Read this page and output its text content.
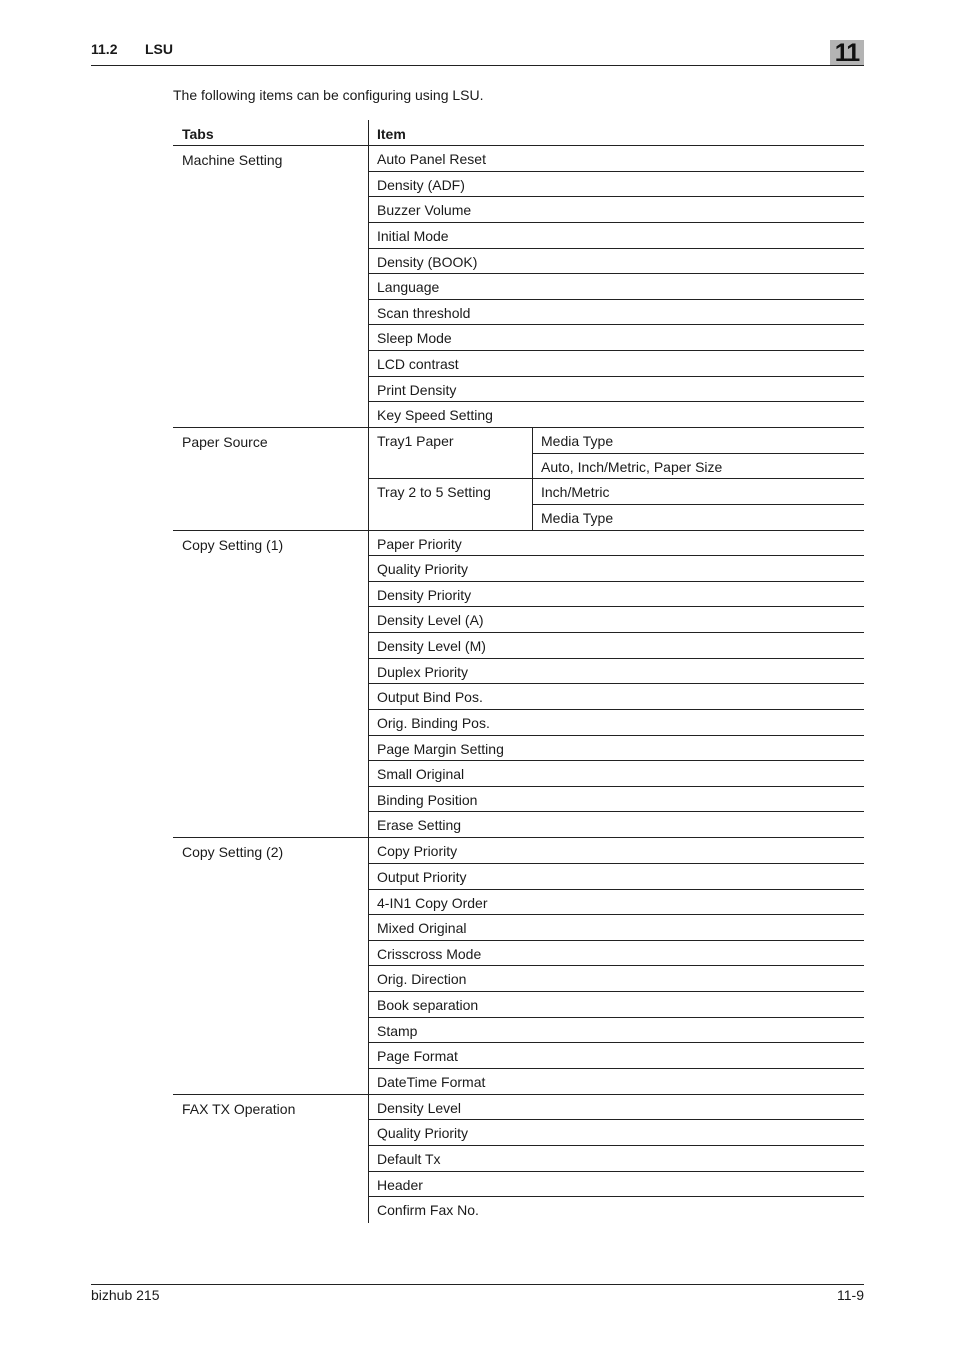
11.2 LSU	11
The following items can be configuring using LSU.
Tabs	Item
Machine Setting	Auto Panel Reset
Density (ADF)
Buzzer Volume
Initial Mode
Density (BOOK)
Language
Scan threshold
Sleep Mode
LCD contrast
Print Density
Key Speed Setting
Paper Source	Tray1 Paper	Media Type
Auto, Inch/Metric, Paper Size
Tray 2 to 5 Setting	Inch/Metric
Media Type
Copy Setting (1)	Paper Priority
Quality Priority
Density Priority
Density Level (A)
Density Level (M)
Duplex Priority
Output Bind Pos.
Orig. Binding Pos.
Page Margin Setting
Small Original
Binding Position
Erase Setting
Copy Setting (2)	Copy Priority
Output Priority
4-IN1 Copy Order
Mixed Original
Crisscross Mode
Orig. Direction
Book separation
Stamp
Page Format
DateTime Format
FAX TX Operation	Density Level
Quality Priority
Default Tx
Header
Confirm Fax No.
bizhub 215	11-9
